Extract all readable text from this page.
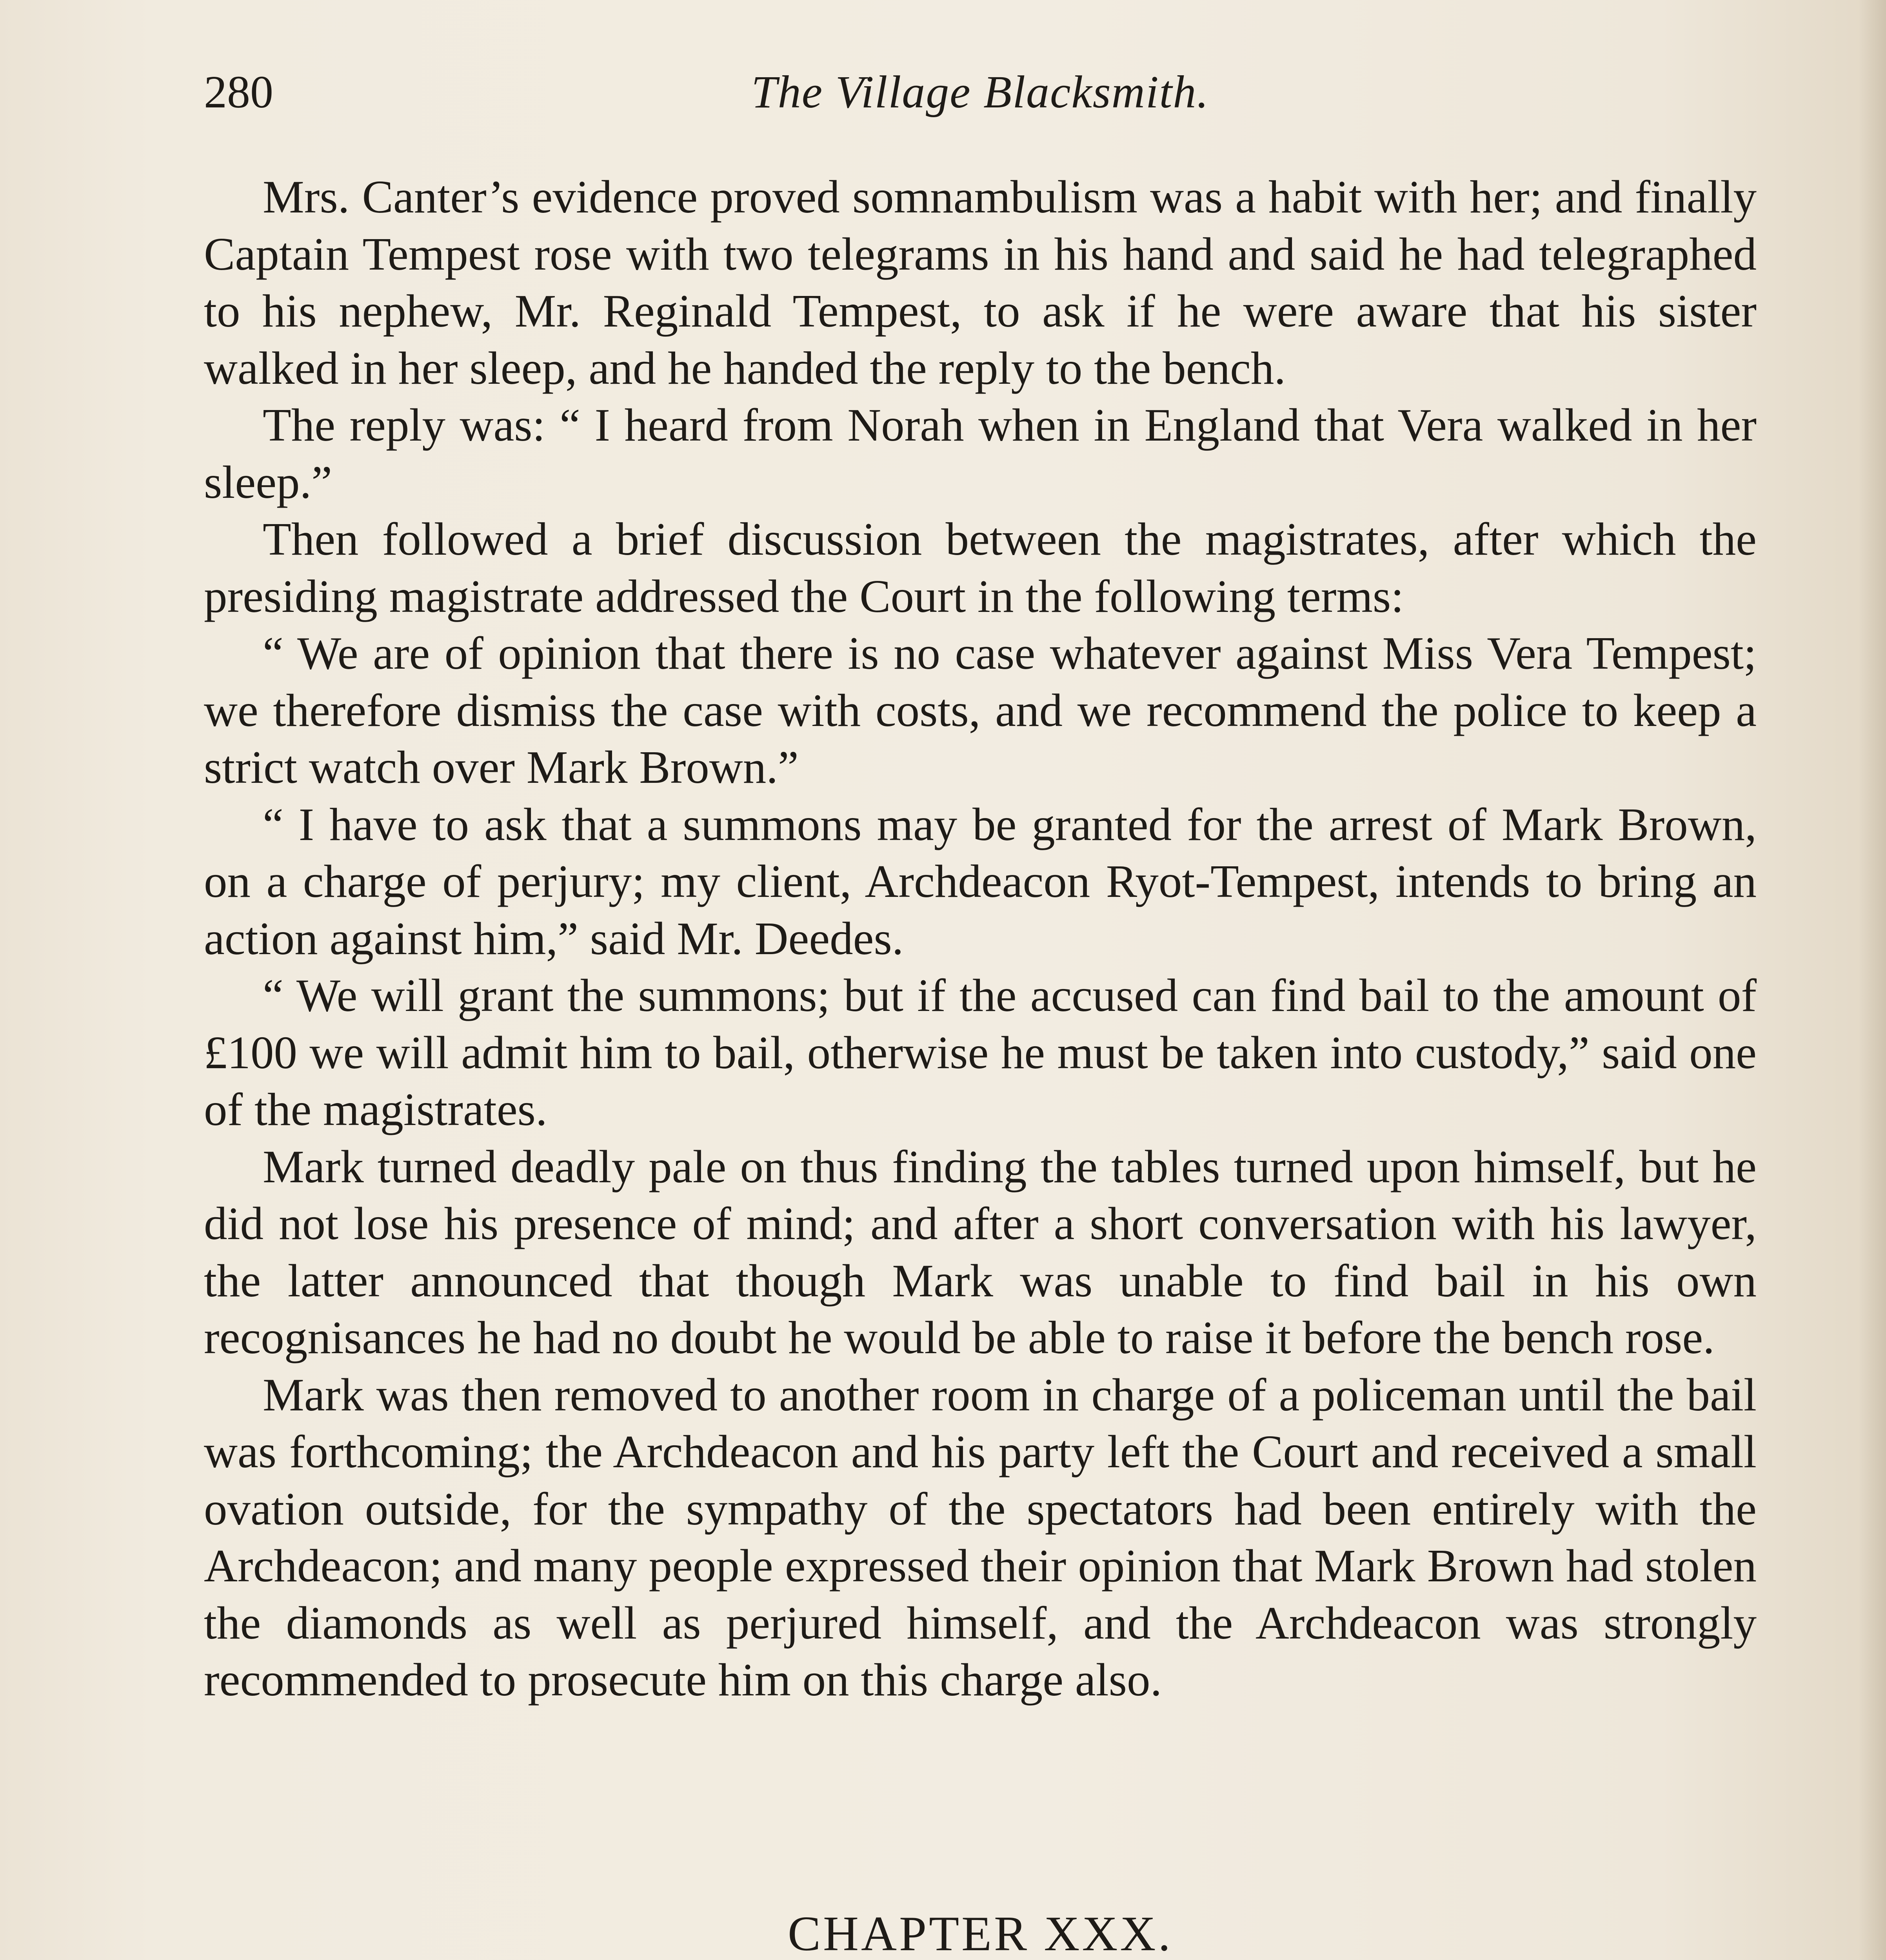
280	The Village Blacksmith.

Mrs. Canter’s evidence proved somnambulism was a habit with her; and finally Captain Tempest rose with two telegrams in his hand and said he had telegraphed to his nephew, Mr. Reginald Tempest, to ask if he were aware that his sister walked in her sleep, and he handed the reply to the bench.

The reply was: “ I heard from Norah when in England that Vera walked in her sleep.”

Then followed a brief discussion between the magistrates, after which the presiding magistrate addressed the Court in the following terms:

“ We are of opinion that there is no case whatever against Miss Vera Tempest; we therefore dismiss the case with costs, and we recommend the police to keep a strict watch over Mark Brown.”

“ I have to ask that a summons may be granted for the arrest of Mark Brown, on a charge of perjury; my client, Archdeacon Ryot-Tempest, intends to bring an action against him,” said Mr. Deedes.

“ We will grant the summons; but if the accused can find bail to the amount of £100 we will admit him to bail, otherwise he must be taken into custody,” said one of the magistrates.

Mark turned deadly pale on thus finding the tables turned upon himself, but he did not lose his presence of mind; and after a short conversation with his lawyer, the latter announced that though Mark was unable to find bail in his own recognisances he had no doubt he would be able to raise it before the bench rose.

Mark was then removed to another room in charge of a policeman until the bail was forthcoming; the Archdeacon and his party left the Court and received a small ovation outside, for the sympathy of the spectators had been entirely with the Archdeacon; and many people expressed their opinion that Mark Brown had stolen the diamonds as well as perjured himself, and the Archdeacon was strongly recommended to prosecute him on this charge also.

CHAPTER XXX.
